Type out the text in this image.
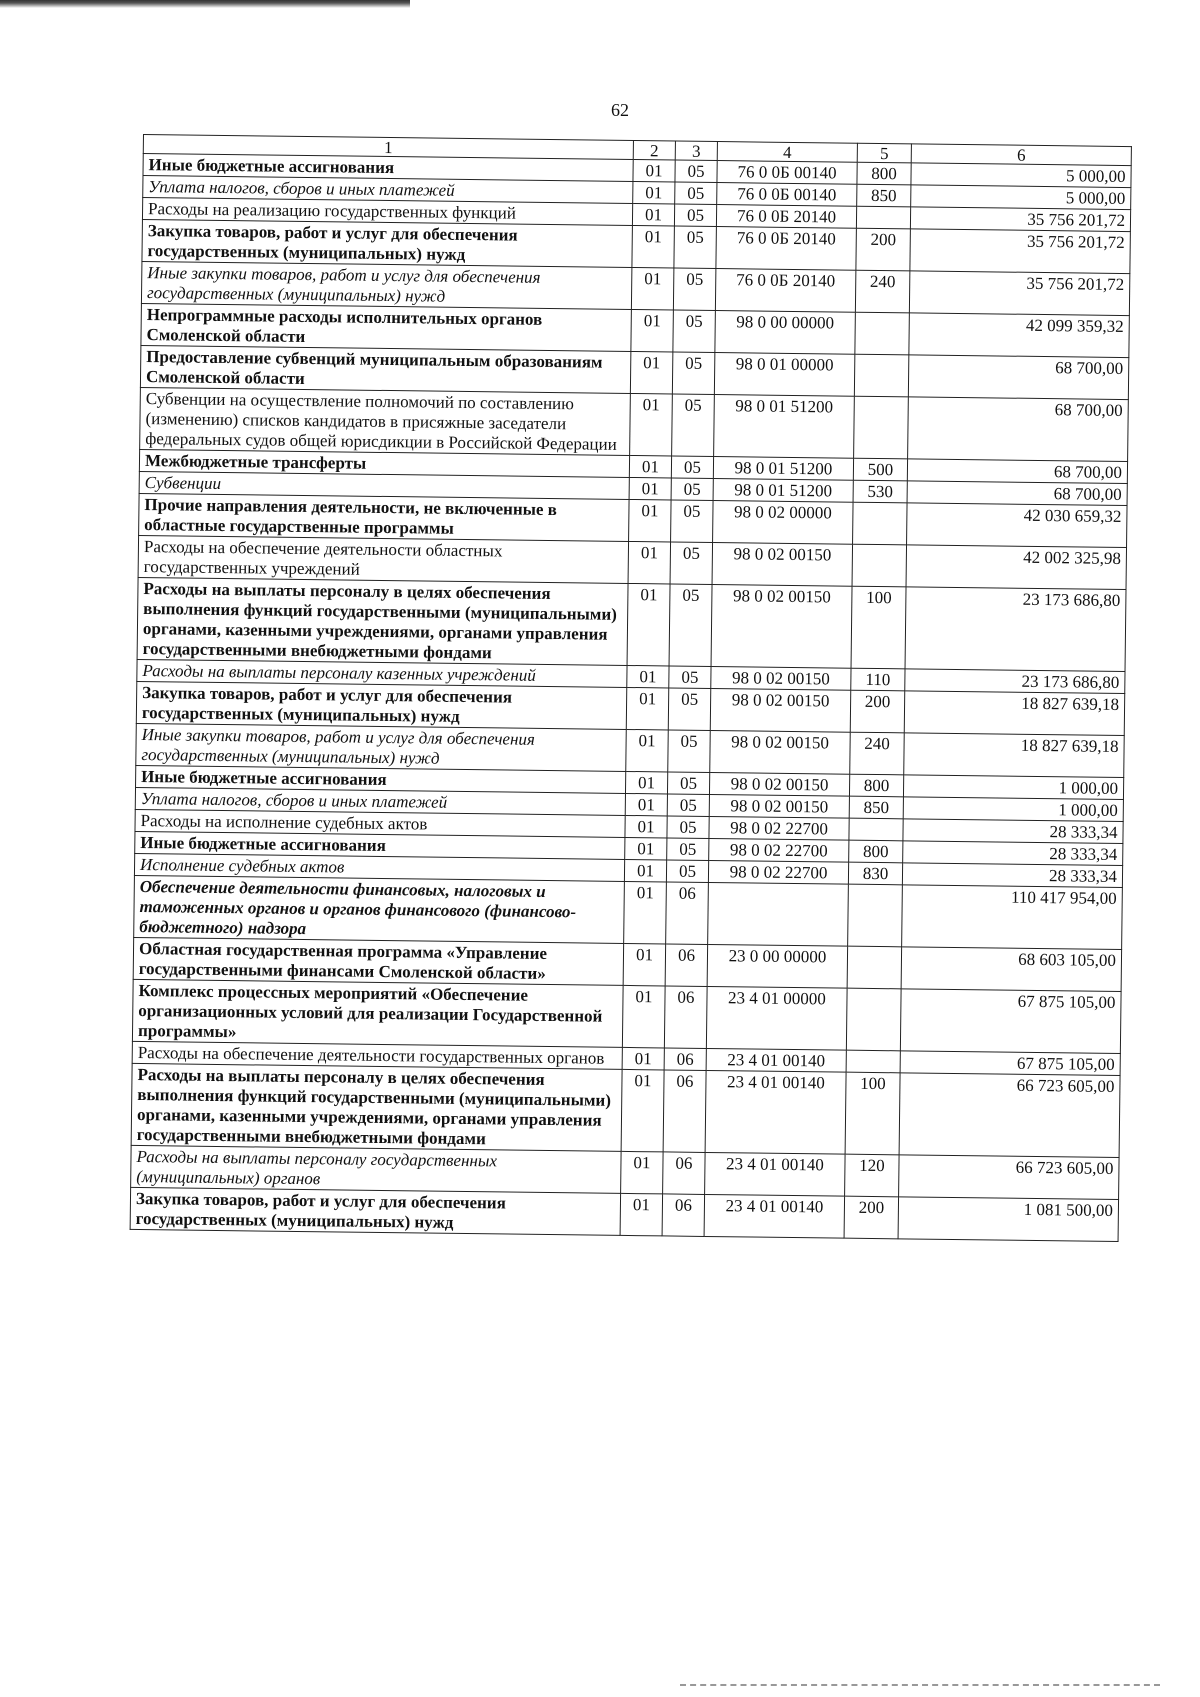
62
1	2	3	4	5	6
Иные бюджетные ассигнования	01	05	76 0 0Б 00140	800	5 000,00
Уплата налогов, сборов и иных платежей	01	05	76 0 0Б 00140	850	5 000,00
Расходы на реализацию государственных функций	01	05	76 0 0Б 20140		35 756 201,72
Закупка товаров, работ и услуг для обеспечения государственных (муниципальных) нужд	01	05	76 0 0Б 20140	200	35 756 201,72
Иные закупки товаров, работ и услуг для обеспечения государственных (муниципальных) нужд	01	05	76 0 0Б 20140	240	35 756 201,72
Непрограммные расходы исполнительных органов Смоленской области	01	05	98 0 00 00000		42 099 359,32
Предоставление субвенций муниципальным образованиям Смоленской области	01	05	98 0 01 00000		68 700,00
Субвенции на осуществление полномочий по составлению (изменению) списков кандидатов в присяжные заседатели федеральных судов общей юрисдикции в Российской Федерации	01	05	98 0 01 51200		68 700,00
Межбюджетные трансферты	01	05	98 0 01 51200	500	68 700,00
Субвенции	01	05	98 0 01 51200	530	68 700,00
Прочие направления деятельности, не включенные в областные государственные программы	01	05	98 0 02 00000		42 030 659,32
Расходы на обеспечение деятельности областных государственных учреждений	01	05	98 0 02 00150		42 002 325,98
Расходы на выплаты персоналу в целях обеспечения выполнения функций государственными (муниципальными) органами, казенными учреждениями, органами управления государственными внебюджетными фондами	01	05	98 0 02 00150	100	23 173 686,80
Расходы на выплаты персоналу казенных учреждений	01	05	98 0 02 00150	110	23 173 686,80
Закупка товаров, работ и услуг для обеспечения государственных (муниципальных) нужд	01	05	98 0 02 00150	200	18 827 639,18
Иные закупки товаров, работ и услуг для обеспечения государственных (муниципальных) нужд	01	05	98 0 02 00150	240	18 827 639,18
Иные бюджетные ассигнования	01	05	98 0 02 00150	800	1 000,00
Уплата налогов, сборов и иных платежей	01	05	98 0 02 00150	850	1 000,00
Расходы на исполнение судебных актов	01	05	98 0 02 22700		28 333,34
Иные бюджетные ассигнования	01	05	98 0 02 22700	800	28 333,34
Исполнение судебных актов	01	05	98 0 02 22700	830	28 333,34
Обеспечение деятельности финансовых, налоговых и таможенных органов и органов финансового (финансово-бюджетного) надзора	01	06			110 417 954,00
Областная государственная программа «Управление государственными финансами Смоленской области»	01	06	23 0 00 00000		68 603 105,00
Комплекс процессных мероприятий «Обеспечение организационных условий для реализации Государственной программы»	01	06	23 4 01 00000		67 875 105,00
Расходы на обеспечение деятельности государственных органов	01	06	23 4 01 00140		67 875 105,00
Расходы на выплаты персоналу в целях обеспечения выполнения функций государственными (муниципальными) органами, казенными учреждениями, органами управления государственными внебюджетными фондами	01	06	23 4 01 00140	100	66 723 605,00
Расходы на выплаты персоналу государственных (муниципальных) органов	01	06	23 4 01 00140	120	66 723 605,00
Закупка товаров, работ и услуг для обеспечения государственных (муниципальных) нужд	01	06	23 4 01 00140	200	1 081 500,00
